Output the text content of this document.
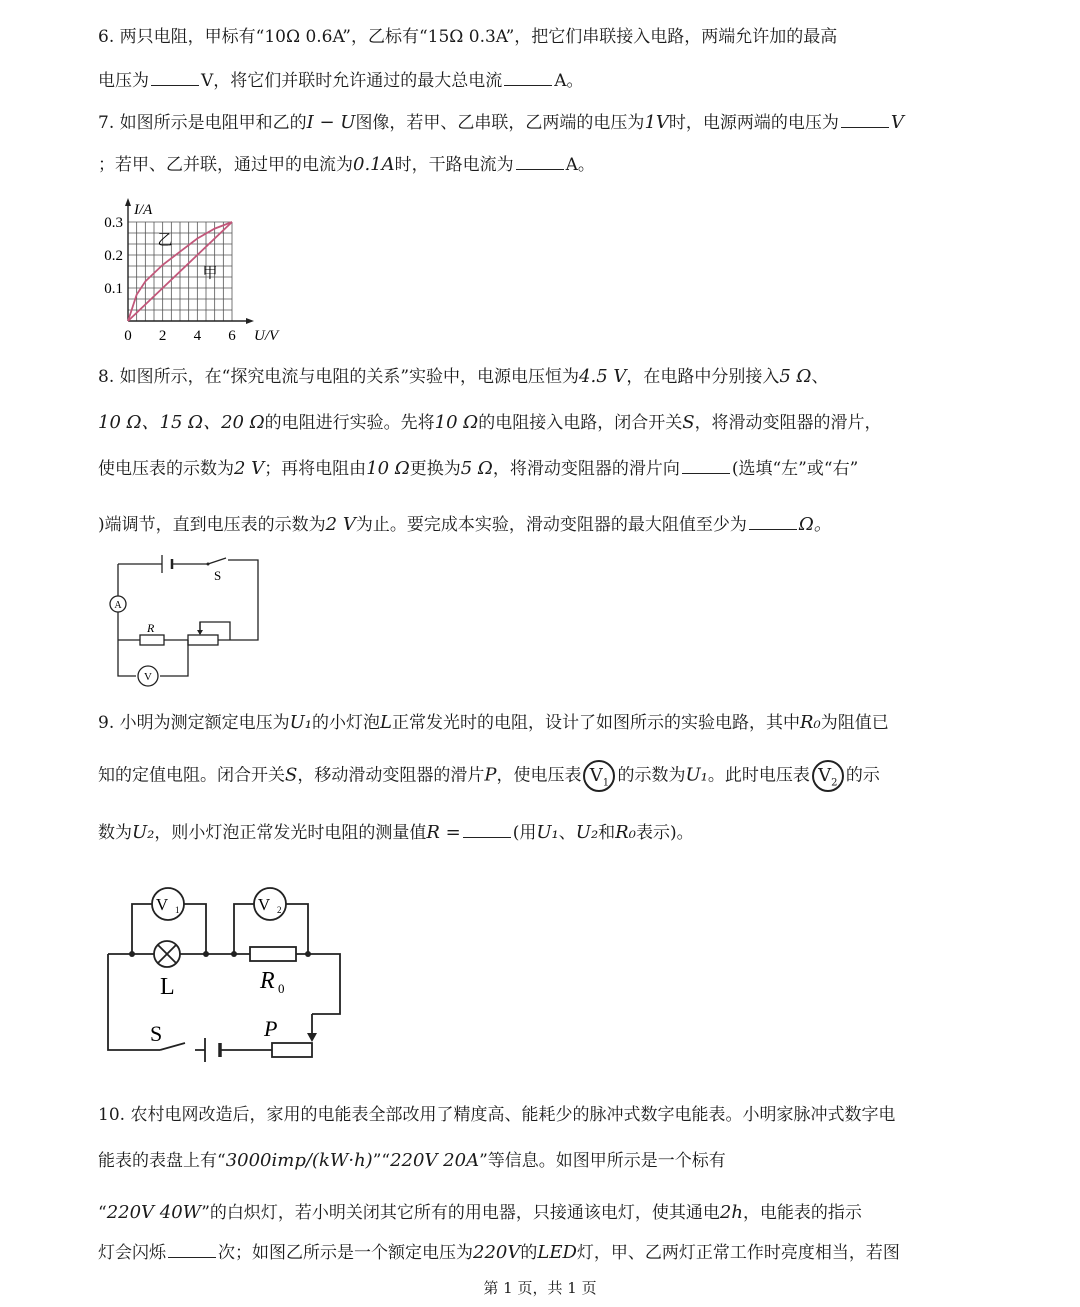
6. 两只电阻，甲标有“10Ω 0.6A”，乙标有“15Ω 0.3A”，把它们串联接入电路，两端允许加的最高
电压为	V，将它们并联时允许通过的最大总电流	A。
7. 如图所示是电阻甲和乙的I − U图像，若甲、乙串联，乙两端的电压为1V时，电源两端的电压为	V
；若甲、乙并联，通过甲的电流为0.1A时，干路电流为	A。
0 2 4 6
0.1
0.2
0.3
U/V
I/A
甲
乙
8. 如图所示，在“探究电流与电阻的关系”实验中，电源电压恒为4.5 V，在电路中分别接入5 Ω、
10 Ω、15 Ω、20 Ω的电阻进行实验。先将10 Ω的电阻接入电路，闭合开关S，将滑动变阻器的滑片，
使电压表的示数为2 V；再将电阻由10 Ω更换为5 Ω，将滑动变阻器的滑片向	(选填“左”或“右”
)端调节，直到电压表的示数为2 V为止。要完成本实验，滑动变阻器的最大阻值至少为	Ω。
S
A
R
V
9. 小明为测定额定电压为U₁的小灯泡L正常发光时的电阻，设计了如图所示的实验电路，其中R₀为阻值已
知的定值电阻。闭合开关S，移动滑动变阻器的滑片P，使电压表 $V_1$ 的示数为U₁。此时电压表 $V_2$ 的示
数为U₂，则小灯泡正常发光时电阻的测量值R =	(用U₁、U₂和R₀表示)。
V 1	V 2
L	R 0
S	P
10. 农村电网改造后，家用的电能表全部改用了精度高、能耗少的脉冲式数字电能表。小明家脉冲式数字电
能表的表盘上有“3000imp/(kW·h)”“220V 20A”等信息。如图甲所示是一个标有
“220V 40W”的白炽灯，若小明关闭其它所有的用电器，只接通该电灯，使其通电2h，电能表的指示
灯会闪烁	次；如图乙所示是一个额定电压为220V的LED灯，甲、乙两灯正常工作时亮度相当，若图
第 1 页，共 1 页
